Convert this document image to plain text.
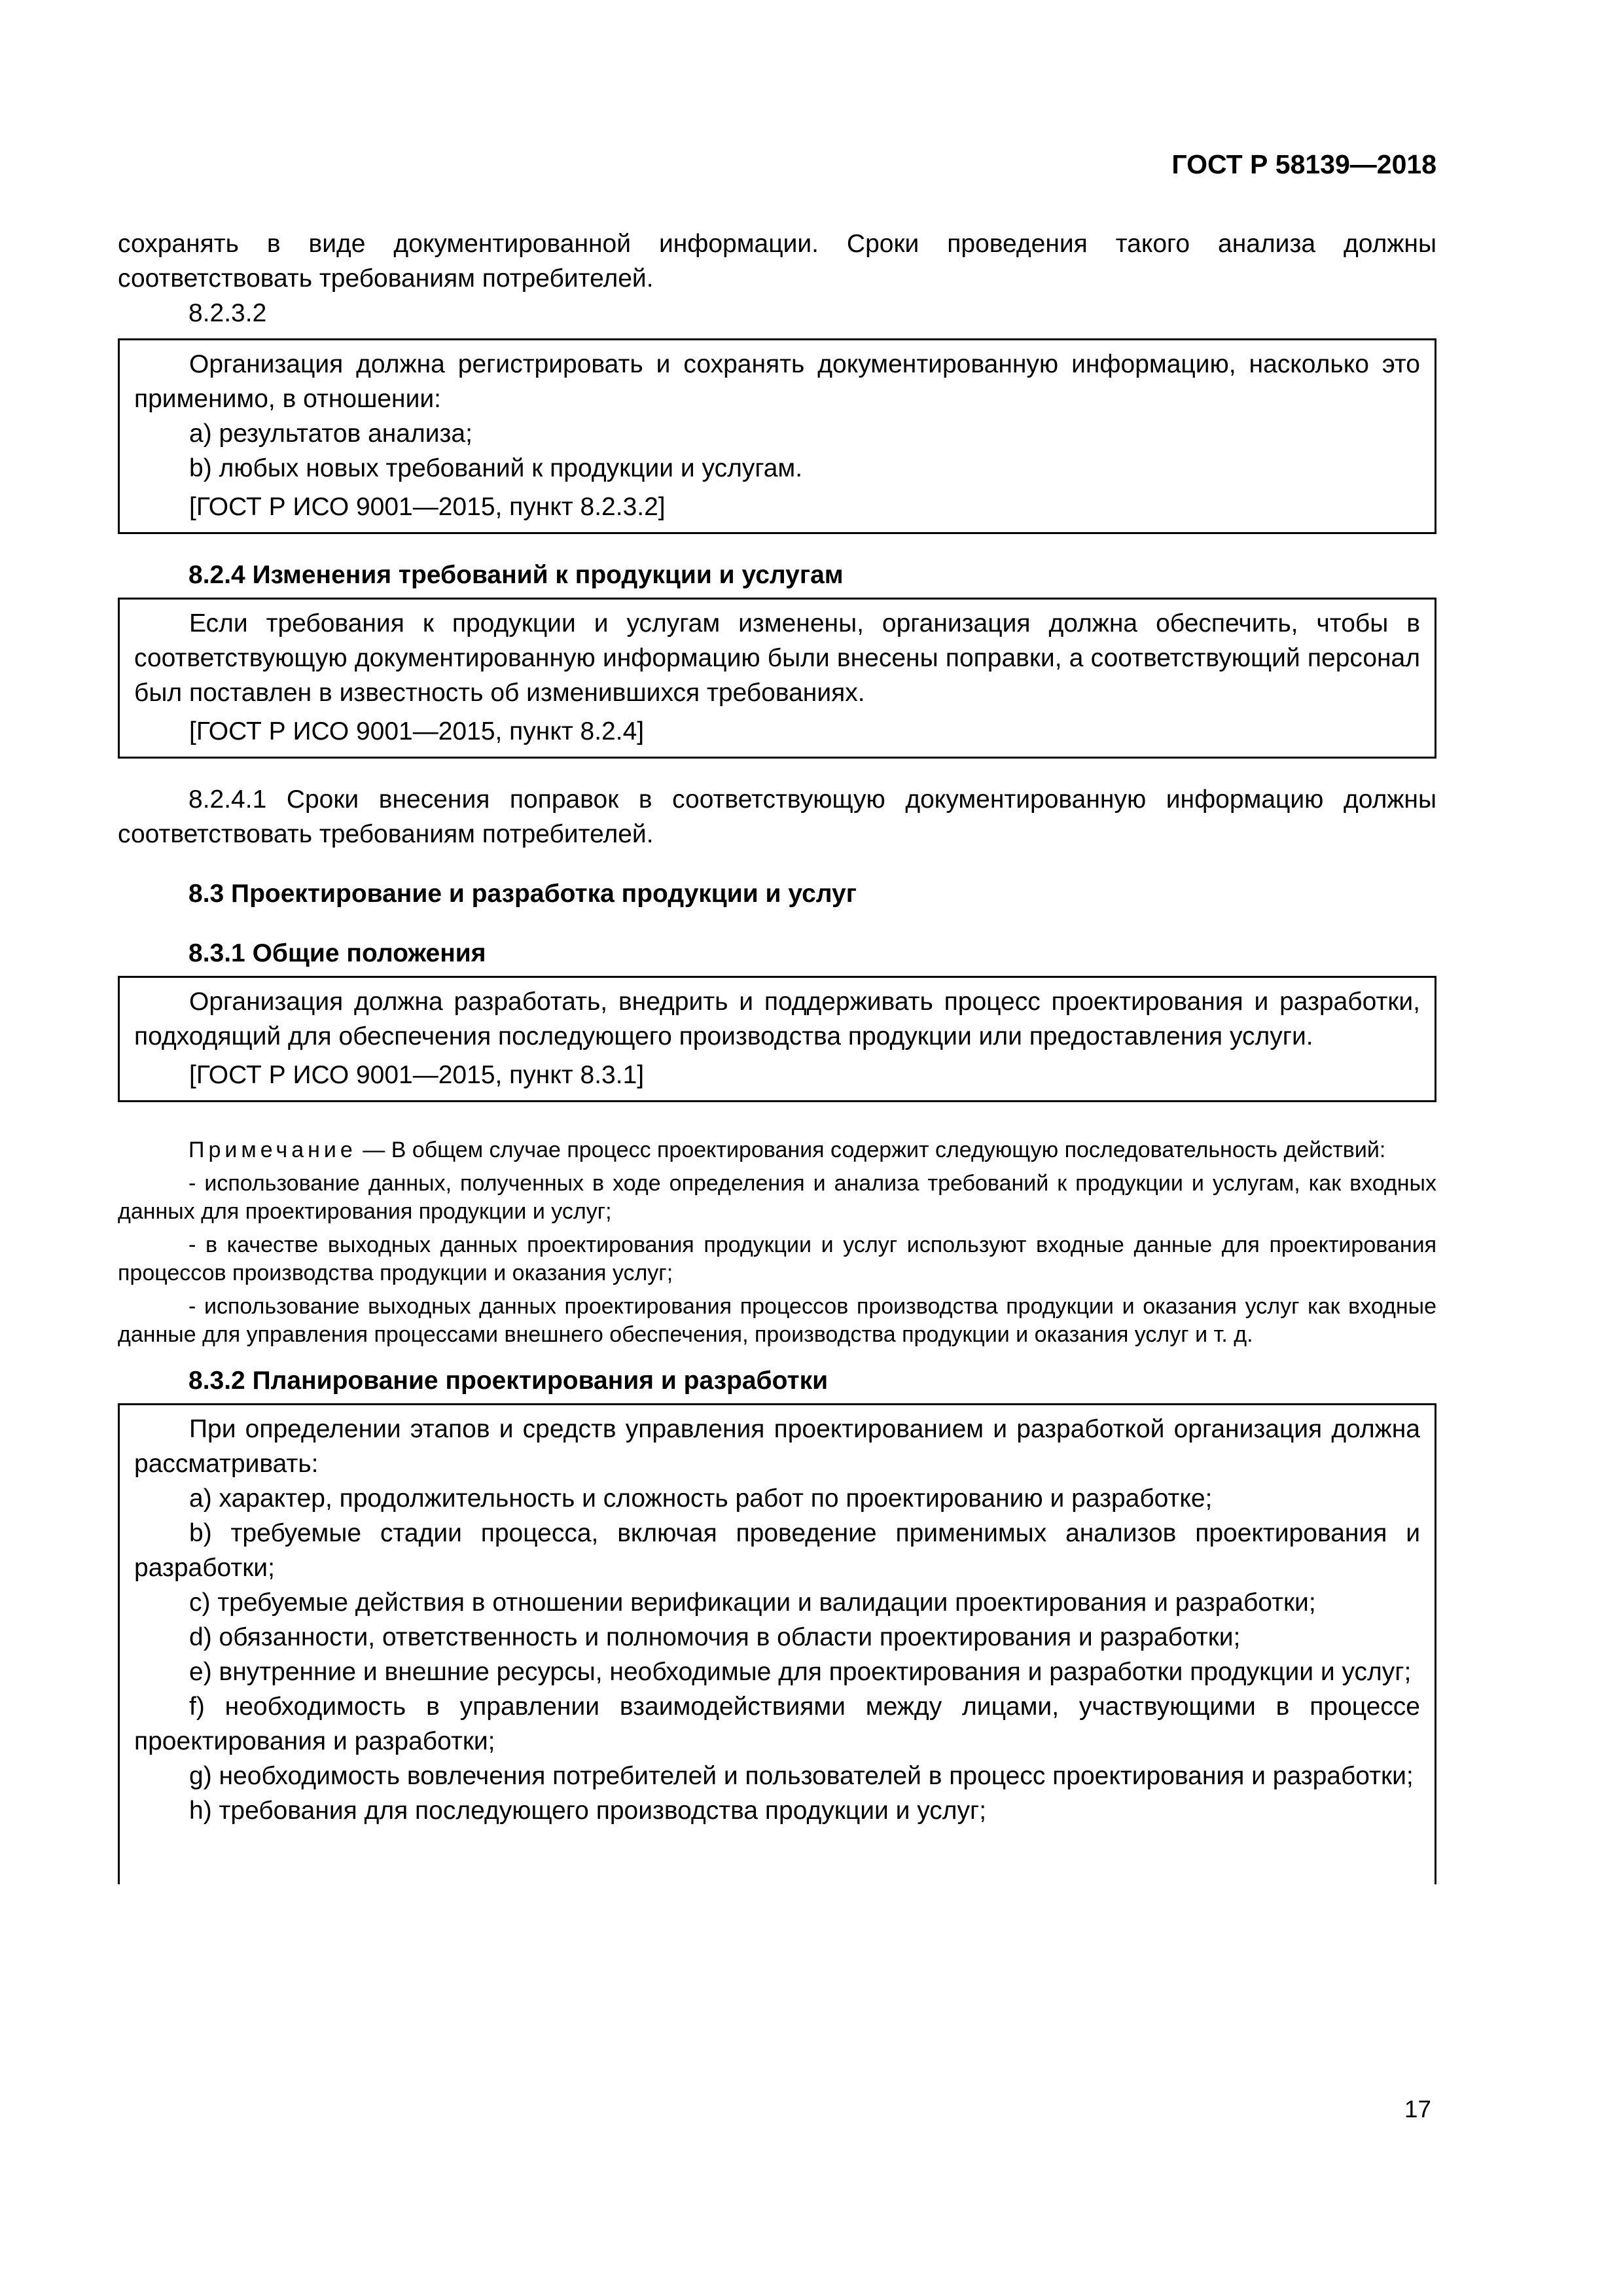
ГОСТ Р 58139—2018

сохранять в виде документированной информации. Сроки проведения такого анализа должны соответствовать требованиям потребителей.

8.2.3.2

Организация должна регистрировать и сохранять документированную информацию, насколько это применимо, в отношении:

a) результатов анализа;

b) любых новых требований к продукции и услугам.

[ГОСТ Р ИСО 9001—2015, пункт 8.2.3.2]

8.2.4 Изменения требований к продукции и услугам

Если требования к продукции и услугам изменены, организация должна обеспечить, чтобы в соответствующую документированную информацию были внесены поправки, а соответствующий персонал был поставлен в известность об изменившихся требованиях.

[ГОСТ Р ИСО 9001—2015, пункт 8.2.4]

8.2.4.1 Сроки внесения поправок в соответствующую документированную информацию должны соответствовать требованиям потребителей.

8.3 Проектирование и разработка продукции и услуг

8.3.1 Общие положения

Организация должна разработать, внедрить и поддерживать процесс проектирования и разработки, подходящий для обеспечения последующего производства продукции или предоставления услуги.

[ГОСТ Р ИСО 9001—2015, пункт 8.3.1]

Примечание — В общем случае процесс проектирования содержит следующую последовательность действий:

- использование данных, полученных в ходе определения и анализа требований к продукции и услугам, как входных данных для проектирования продукции и услуг;

- в качестве выходных данных проектирования продукции и услуг используют входные данные для проектирования процессов производства продукции и оказания услуг;

- использование выходных данных проектирования процессов производства продукции и оказания услуг как входные данные для управления процессами внешнего обеспечения, производства продукции и оказания услуг и т. д.

8.3.2 Планирование проектирования и разработки

При определении этапов и средств управления проектированием и разработкой организация должна рассматривать:

a) характер, продолжительность и сложность работ по проектированию и разработке;

b) требуемые стадии процесса, включая проведение применимых анализов проектирования и разработки;

c) требуемые действия в отношении верификации и валидации проектирования и разработки;

d) обязанности, ответственность и полномочия в области проектирования и разработки;

e) внутренние и внешние ресурсы, необходимые для проектирования и разработки продукции и услуг;

f) необходимость в управлении взаимодействиями между лицами, участвующими в процессе проектирования и разработки;

g) необходимость вовлечения потребителей и пользователей в процесс проектирования и разработки;

h) требования для последующего производства продукции и услуг;

17
